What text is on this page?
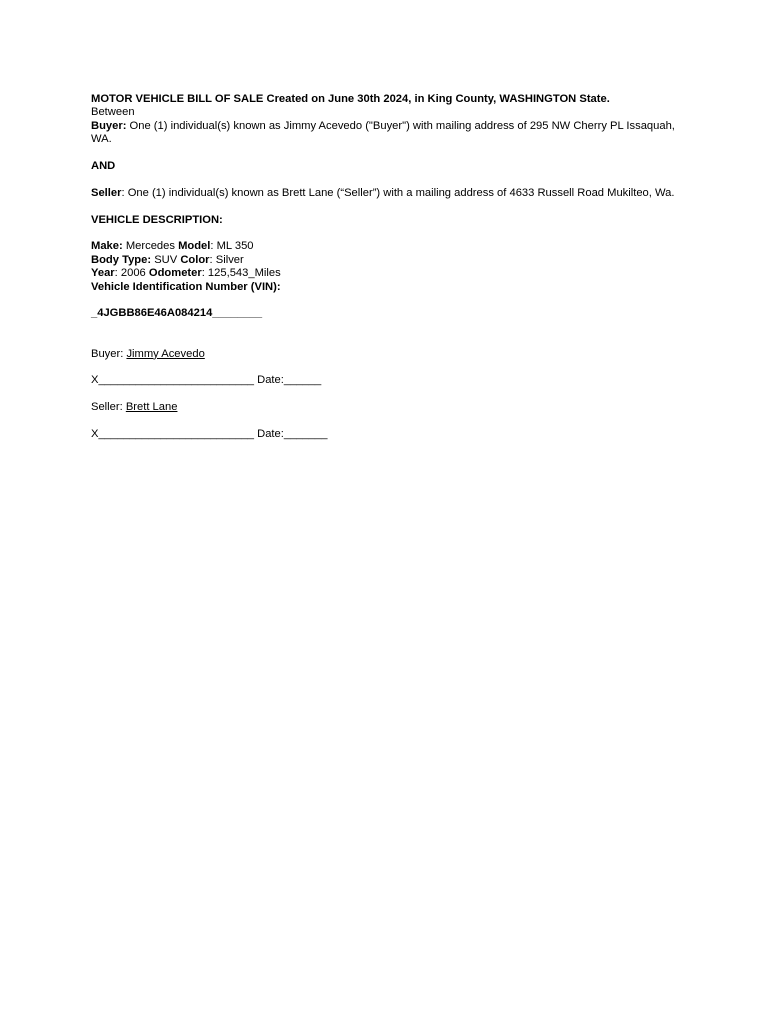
MOTOR VEHICLE BILL OF SALE Created on June 30th 2024, in King County, WASHINGTON State.
Between
Buyer: One (1) individual(s) known as Jimmy Acevedo ("Buyer") with mailing address of 295 NW Cherry PL Issaquah, WA.
AND
Seller: One (1) individual(s) known as Brett Lane (“Seller”) with a mailing address of 4633 Russell Road Mukilteo, Wa.
VEHICLE DESCRIPTION:
Make: Mercedes Model: ML 350
Body Type: SUV Color: Silver
Year: 2006 Odometer: 125,543_Miles
Vehicle Identification Number (VIN):
_4JGBB86E46A084214________
Buyer: Jimmy Acevedo
X_________________________ Date:______
Seller: Brett Lane
X_________________________ Date:_______
